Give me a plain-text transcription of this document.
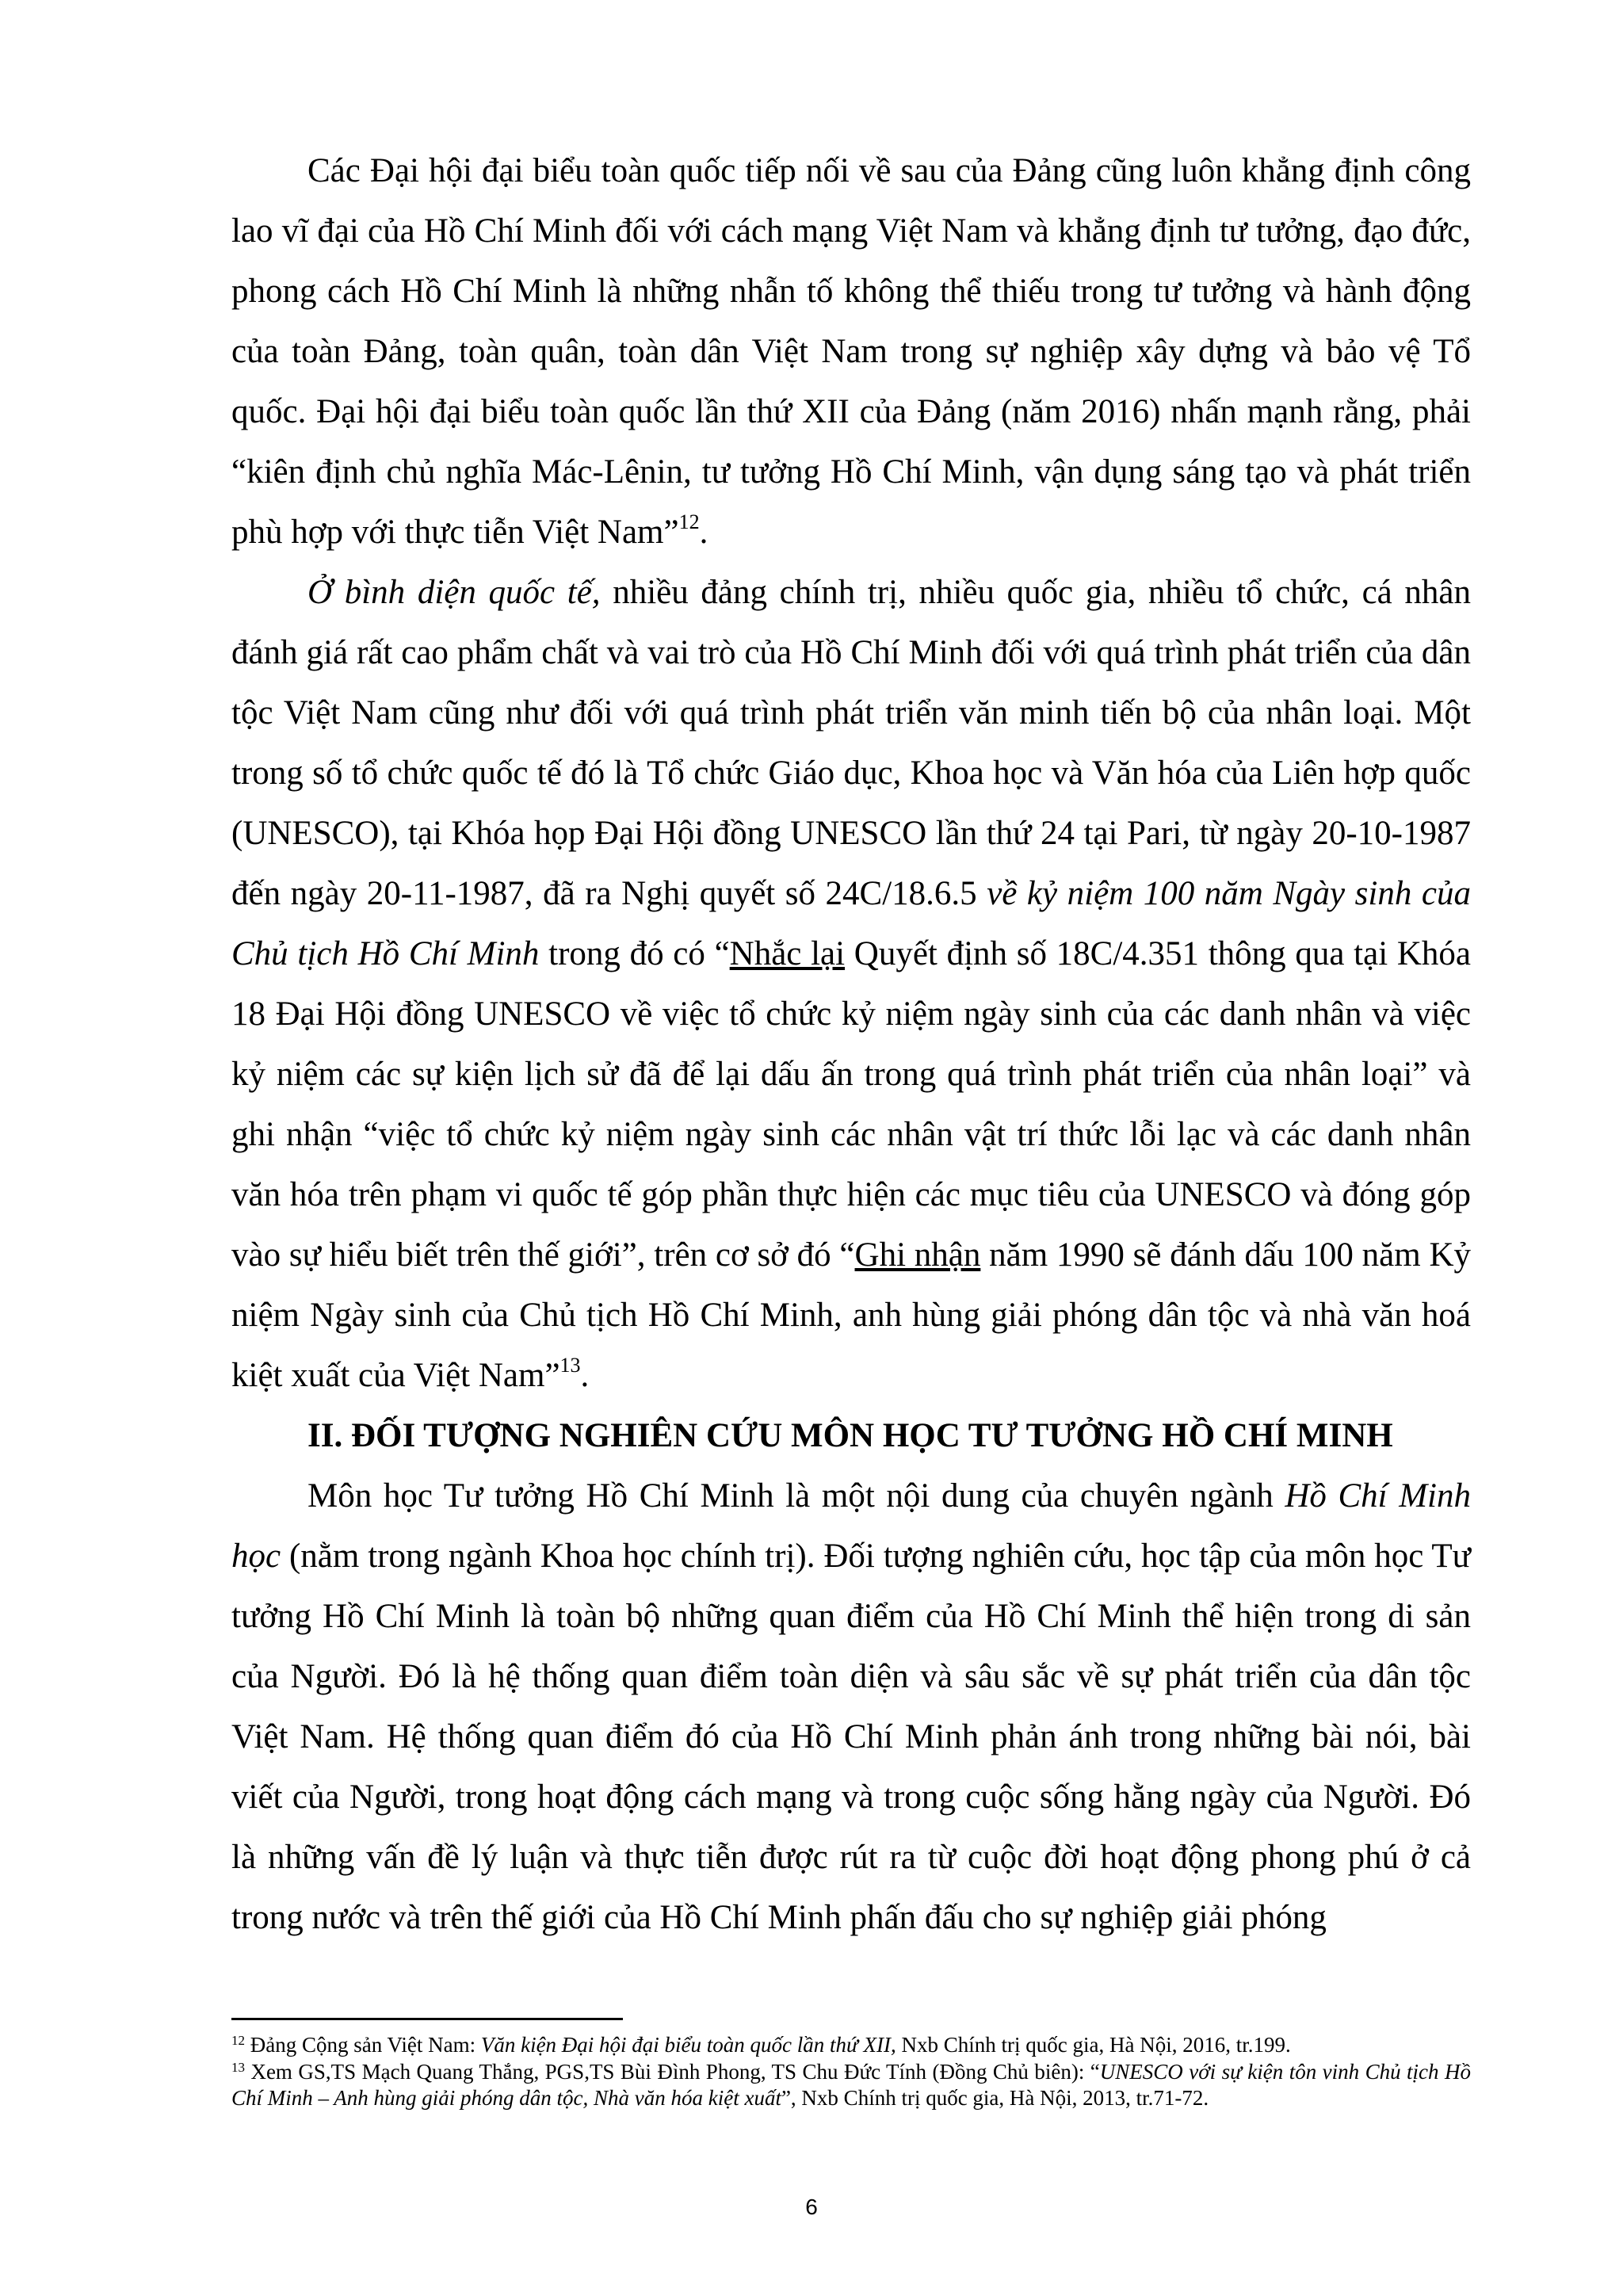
Các Đại hội đại biểu toàn quốc tiếp nối về sau của Đảng cũng luôn khẳng định công lao vĩ đại của Hồ Chí Minh đối với cách mạng Việt Nam và khẳng định tư tưởng, đạo đức, phong cách Hồ Chí Minh là những nhẫn tố không thể thiếu trong tư tưởng và hành động của toàn Đảng, toàn quân, toàn dân Việt Nam trong sự nghiệp xây dựng và bảo vệ Tổ quốc. Đại hội đại biểu toàn quốc lần thứ XII của Đảng (năm 2016) nhấn mạnh rằng, phải “kiên định chủ nghĩa Mác-Lênin, tư tưởng Hồ Chí Minh, vận dụng sáng tạo và phát triển phù hợp với thực tiễn Việt Nam”$^{12}$.

Ở bình diện quốc tế, nhiều đảng chính trị, nhiều quốc gia, nhiều tổ chức, cá nhân đánh giá rất cao phẩm chất và vai trò của Hồ Chí Minh đối với quá trình phát triển của dân tộc Việt Nam cũng như đối với quá trình phát triển văn minh tiến bộ của nhân loại. Một trong số tổ chức quốc tế đó là Tổ chức Giáo dục, Khoa học và Văn hóa của Liên hợp quốc (UNESCO), tại Khóa họp Đại Hội đồng UNESCO lần thứ 24 tại Pari, từ ngày 20-10-1987 đến ngày 20-11-1987, đã ra Nghị quyết số 24C/18.6.5 về kỷ niệm 100 năm Ngày sinh của Chủ tịch Hồ Chí Minh trong đó có “Nhắc lại Quyết định số 18C/4.351 thông qua tại Khóa 18 Đại Hội đồng UNESCO về việc tổ chức kỷ niệm ngày sinh của các danh nhân và việc kỷ niệm các sự kiện lịch sử đã để lại dấu ấn trong quá trình phát triển của nhân loại” và ghi nhận “việc tổ chức kỷ niệm ngày sinh các nhân vật trí thức lỗi lạc và các danh nhân văn hóa trên phạm vi quốc tế góp phần thực hiện các mục tiêu của UNESCO và đóng góp vào sự hiểu biết trên thế giới”, trên cơ sở đó “Ghi nhận năm 1990 sẽ đánh dấu 100 năm Kỷ niệm Ngày sinh của Chủ tịch Hồ Chí Minh, anh hùng giải phóng dân tộc và nhà văn hoá kiệt xuất của Việt Nam”$^{13}$.

II. ĐỐI TƯỢNG NGHIÊN CỨU MÔN HỌC TƯ TƯỞNG HỒ CHÍ MINH

Môn học Tư tưởng Hồ Chí Minh là một nội dung của chuyên ngành Hồ Chí Minh học (nằm trong ngành Khoa học chính trị). Đối tượng nghiên cứu, học tập của môn học Tư tưởng Hồ Chí Minh là toàn bộ những quan điểm của Hồ Chí Minh thể hiện trong di sản của Người. Đó là hệ thống quan điểm toàn diện và sâu sắc về sự phát triển của dân tộc Việt Nam. Hệ thống quan điểm đó của Hồ Chí Minh phản ánh trong những bài nói, bài viết của Người, trong hoạt động cách mạng và trong cuộc sống hằng ngày của Người. Đó là những vấn đề lý luận và thực tiễn được rút ra từ cuộc đời hoạt động phong phú ở cả trong nước và trên thế giới của Hồ Chí Minh phấn đấu cho sự nghiệp giải phóng

$^{12}$ Đảng Cộng sản Việt Nam: Văn kiện Đại hội đại biểu toàn quốc lần thứ XII, Nxb Chính trị quốc gia, Hà Nội, 2016, tr.199.

$^{13}$ Xem GS,TS Mạch Quang Thắng, PGS,TS Bùi Đình Phong, TS Chu Đức Tính (Đồng Chủ biên): “UNESCO với sự kiện tôn vinh Chủ tịch Hồ Chí Minh – Anh hùng giải phóng dân tộc, Nhà văn hóa kiệt xuất”, Nxb Chính trị quốc gia, Hà Nội, 2013, tr.71-72.

6
